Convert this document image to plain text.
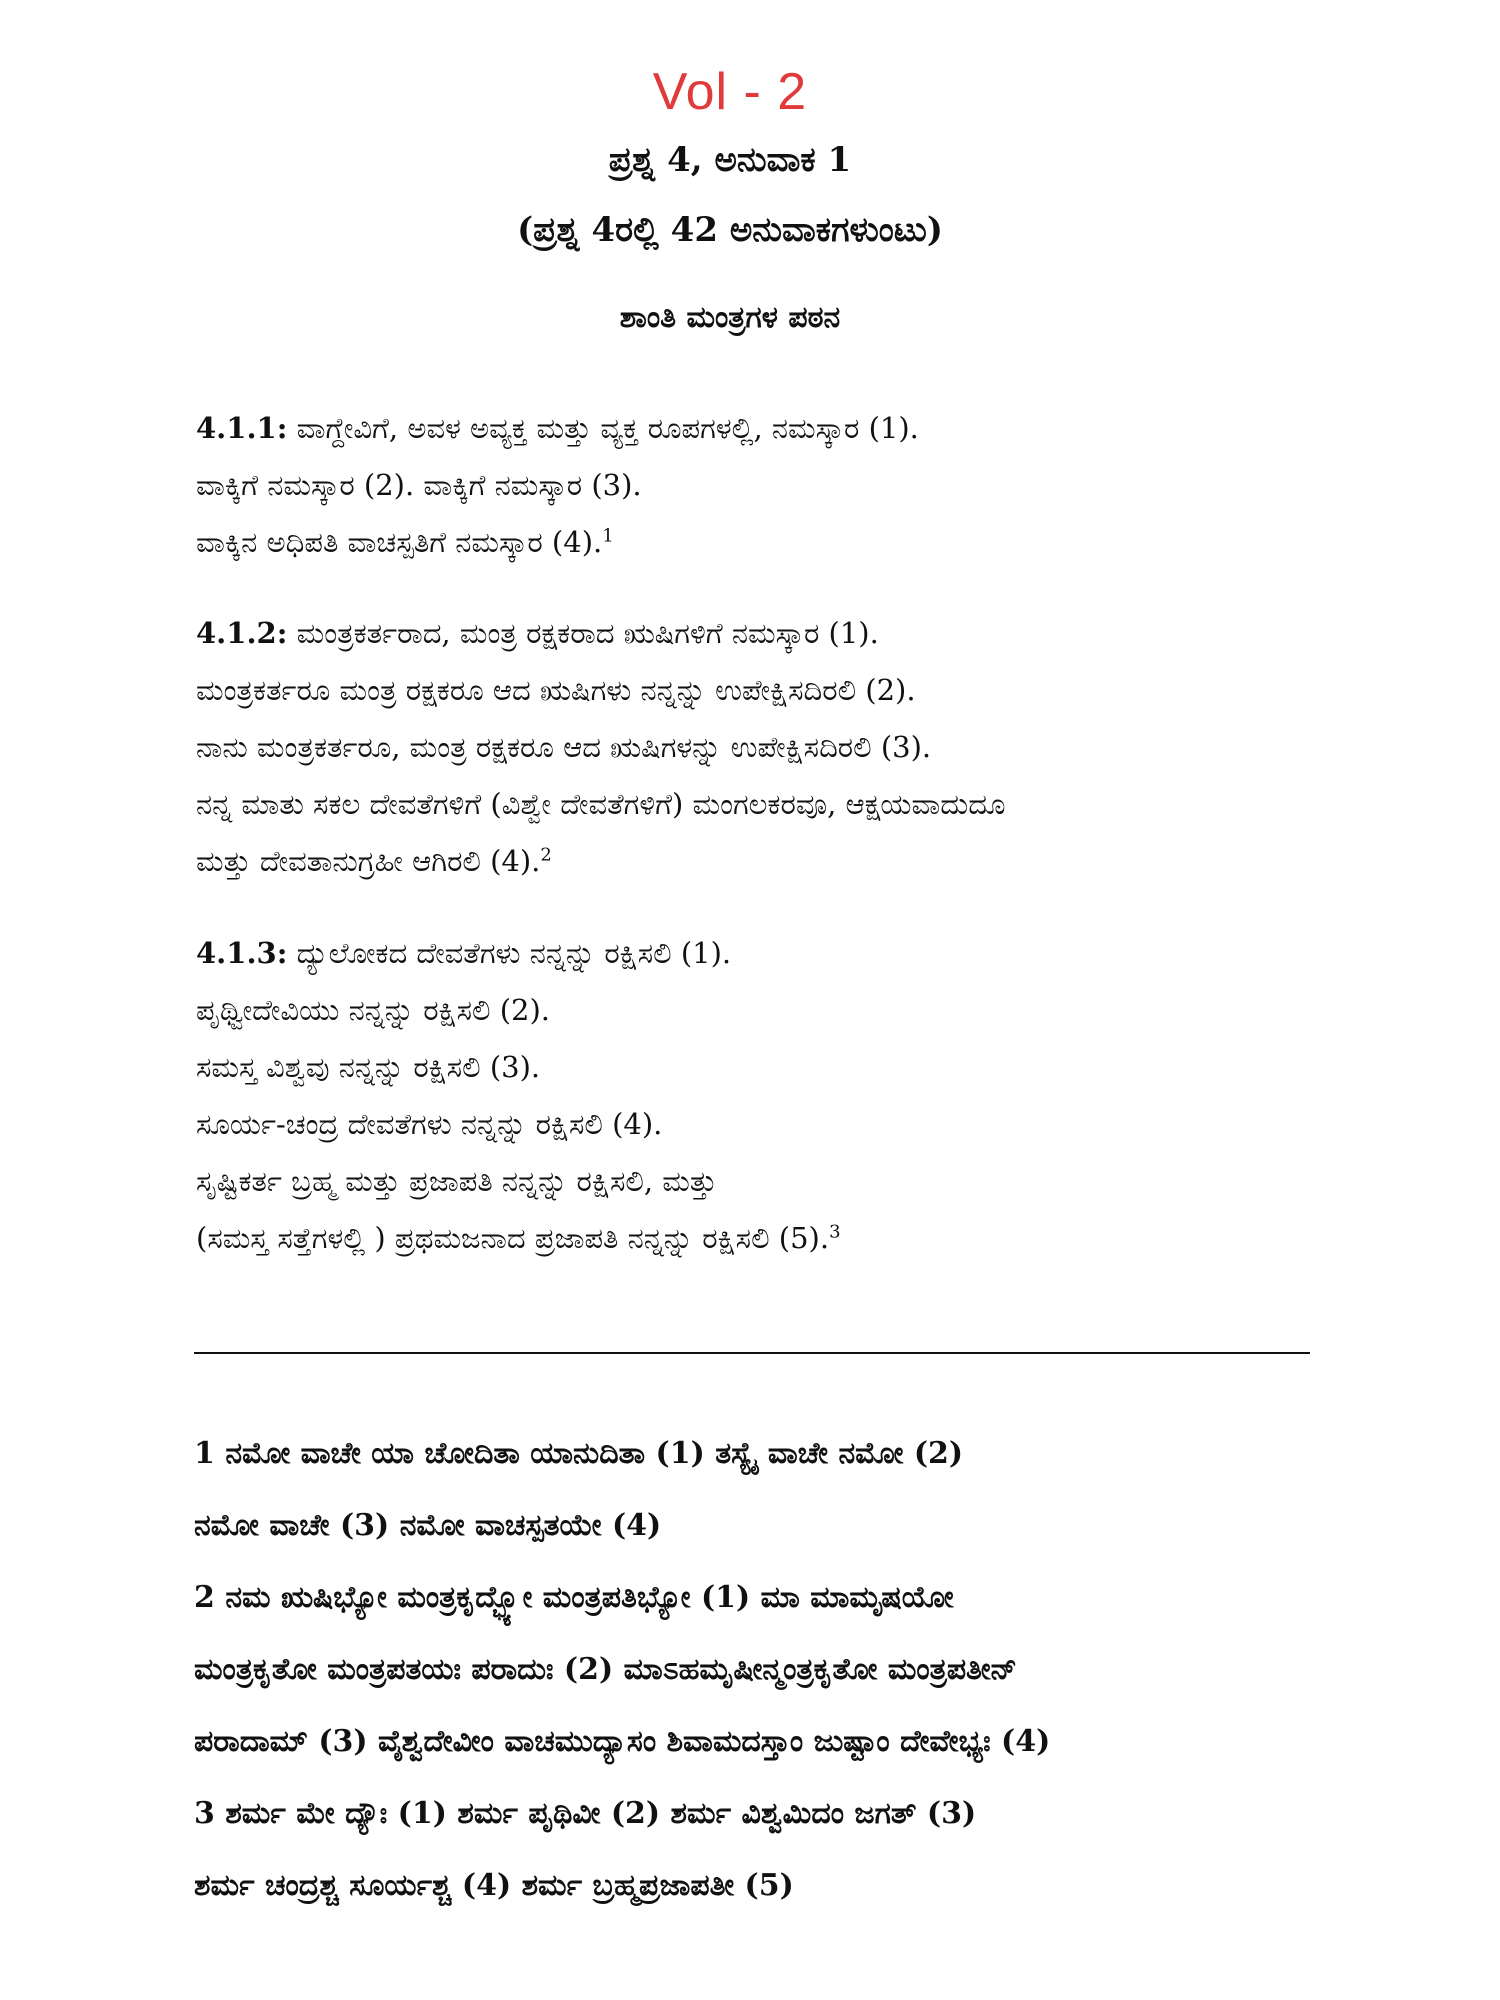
Vol - 2
ಪ್ರಶ್ನ 4, ಅನುವಾಕ 1
(ಪ್ರಶ್ನ 4ರಲ್ಲಿ 42 ಅನುವಾಕಗಳುಂಟು)
ಶಾಂತಿ ಮಂತ್ರಗಳ ಪಠನ
4.1.1: ವಾಗ್ದೇವಿಗೆ, ಅವಳ ಅವ್ಯಕ್ತ ಮತ್ತು ವ್ಯಕ್ತ ರೂಪಗಳಲ್ಲಿ, ನಮಸ್ಕಾರ (1).
ವಾಕ್ಕಿಗೆ ನಮಸ್ಕಾರ (2). ವಾಕ್ಕಿಗೆ ನಮಸ್ಕಾರ (3).
ವಾಕ್ಕಿನ ಅಧಿಪತಿ ವಾಚಸ್ಪತಿಗೆ ನಮಸ್ಕಾರ (4).$^1$
4.1.2: ಮಂತ್ರಕರ್ತರಾದ, ಮಂತ್ರ ರಕ್ಷಕರಾದ ಋಷಿಗಳಿಗೆ ನಮಸ್ಕಾರ (1).
ಮಂತ್ರಕರ್ತರೂ ಮಂತ್ರ ರಕ್ಷಕರೂ ಆದ ಋಷಿಗಳು ನನ್ನನ್ನು ಉಪೇಕ್ಷಿಸದಿರಲಿ (2).
ನಾನು ಮಂತ್ರಕರ್ತರೂ, ಮಂತ್ರ ರಕ್ಷಕರೂ ಆದ ಋಷಿಗಳನ್ನು ಉಪೇಕ್ಷಿಸದಿರಲಿ (3).
ನನ್ನ ಮಾತು ಸಕಲ ದೇವತೆಗಳಿಗೆ (ವಿಶ್ವೇ ದೇವತೆಗಳಿಗೆ) ಮಂಗಲಕರವೂ, ಆಕ್ಷಯವಾದುದೂ
ಮತ್ತು ದೇವತಾನುಗ್ರಹೀ ಆಗಿರಲಿ (4).$^2$
4.1.3: ದ್ಯುಲೋಕದ ದೇವತೆಗಳು ನನ್ನನ್ನು ರಕ್ಷಿಸಲಿ (1).
ಪೃಥ್ವೀದೇವಿಯು ನನ್ನನ್ನು ರಕ್ಷಿಸಲಿ (2).
ಸಮಸ್ತ ವಿಶ್ವವು ನನ್ನನ್ನು ರಕ್ಷಿಸಲಿ (3).
ಸೂರ್ಯ-ಚಂದ್ರ ದೇವತೆಗಳು ನನ್ನನ್ನು ರಕ್ಷಿಸಲಿ (4).
ಸೃಷ್ಟಿಕರ್ತ ಬ್ರಹ್ಮ ಮತ್ತು ಪ್ರಜಾಪತಿ ನನ್ನನ್ನು ರಕ್ಷಿಸಲಿ, ಮತ್ತು
(ಸಮಸ್ತ ಸತ್ತೆಗಳಲ್ಲಿ ) ಪ್ರಥಮಜನಾದ ಪ್ರಜಾಪತಿ ನನ್ನನ್ನು ರಕ್ಷಿಸಲಿ (5).$^3$
1 ನಮೋ ವಾಚೇ ಯಾ ಚೋದಿತಾ ಯಾನುದಿತಾ (1) ತಸ್ಯೈ ವಾಚೇ ನಮೋ (2)
ನಮೋ ವಾಚೇ (3) ನಮೋ ವಾಚಸ್ಪತಯೇ (4)
2 ನಮ ಋಷಿಭ್ಯೋ ಮಂತ್ರಕೃದ್ಭ್ಯೋ ಮಂತ್ರಪತಿಭ್ಯೋ (1) ಮಾ ಮಾಮೃಷಯೋ
ಮಂತ್ರಕೃತೋ ಮಂತ್ರಪತಯಃ ಪರಾದುಃ (2) ಮಾಽಹಮೃಷೀನ್ಮಂತ್ರಕೃತೋ ಮಂತ್ರಪತೀನ್
ಪರಾದಾಮ್ (3) ವೈಶ್ವದೇವೀಂ ವಾಚಮುದ್ಯಾಸಂ ಶಿವಾಮದಸ್ತಾಂ ಜುಷ್ಟಾಂ ದೇವೇಭ್ಯಃ (4)
3 ಶರ್ಮ ಮೇ ದ್ಯೌಃ (1) ಶರ್ಮ ಪೃಥಿವೀ (2) ಶರ್ಮ ವಿಶ್ವಮಿದಂ ಜಗತ್ (3)
ಶರ್ಮ ಚಂದ್ರಶ್ಚ ಸೂರ್ಯಶ್ಚ (4) ಶರ್ಮ ಬ್ರಹ್ಮಪ್ರಜಾಪತೀ (5)
